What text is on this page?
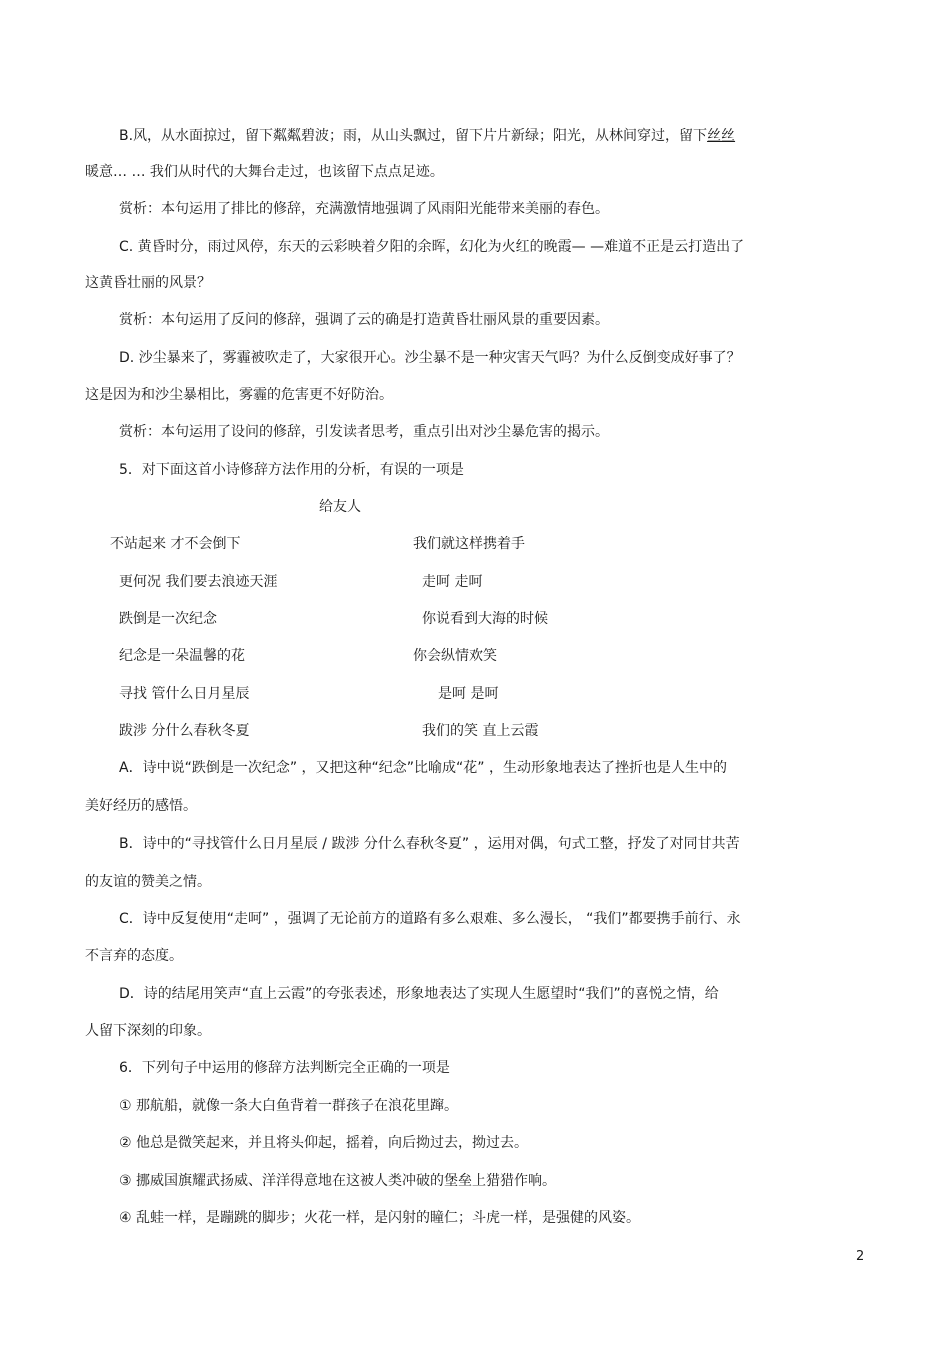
B.风，从水面掠过，留下粼粼碧波；雨，从山头飘过，留下片片新绿；阳光，从林间穿过，留下丝丝
暖意… … 我们从时代的大舞台走过，也该留下点点足迹。
赏析：本句运用了排比的修辞，充满激情地强调了风雨阳光能带来美丽的春色。
C. 黄昏时分，雨过风停，东天的云彩映着夕阳的余晖，幻化为火红的晚霞— —难道不正是云打造出了
这黄昏壮丽的风景？
赏析：本句运用了反问的修辞，强调了云的确是打造黄昏壮丽风景的重要因素。
D. 沙尘暴来了，雾霾被吹走了，大家很开心。沙尘暴不是一种灾害天气吗？为什么反倒变成好事了？
这是因为和沙尘暴相比，雾霾的危害更不好防治。
赏析：本句运用了设问的修辞，引发读者思考，重点引出对沙尘暴危害的揭示。
5．对下面这首小诗修辞方法作用的分析，有误的一项是
给友人
不站起来 才不会倒下	我们就这样携着手
更何况 我们要去浪迹天涯	走呵 走呵
跌倒是一次纪念	你说看到大海的时候
纪念是一朵温馨的花	你会纵情欢笑
寻找 管什么日月星辰	是呵 是呵
跋涉 分什么春秋冬夏	我们的笑 直上云霞
A．诗中说“跌倒是一次纪念” ，又把这种“纪念”比喻成“花” ，生动形象地表达了挫折也是人生中的
美好经历的感悟。
B．诗中的“寻找管什么日月星辰 / 跋涉 分什么春秋冬夏” ，运用对偶，句式工整，抒发了对同甘共苦
的友谊的赞美之情。
C．诗中反复使用“走呵” ，强调了无论前方的道路有多么艰难、多么漫长， “我们”都要携手前行、永
不言弃的态度。
D．诗的结尾用笑声“直上云霞”的夸张表述，形象地表达了实现人生愿望时“我们”的喜悦之情，给
人留下深刻的印象。
6．下列句子中运用的修辞方法判断完全正确的一项是
① 那航船，就像一条大白鱼背着一群孩子在浪花里蹿。
② 他总是微笑起来，并且将头仰起，摇着，向后拗过去，拗过去。
③ 挪威国旗耀武扬威、洋洋得意地在这被人类冲破的堡垒上猎猎作响。
④ 乱蛙一样，是蹦跳的脚步；火花一样，是闪射的瞳仁；斗虎一样，是强健的风姿。
2
